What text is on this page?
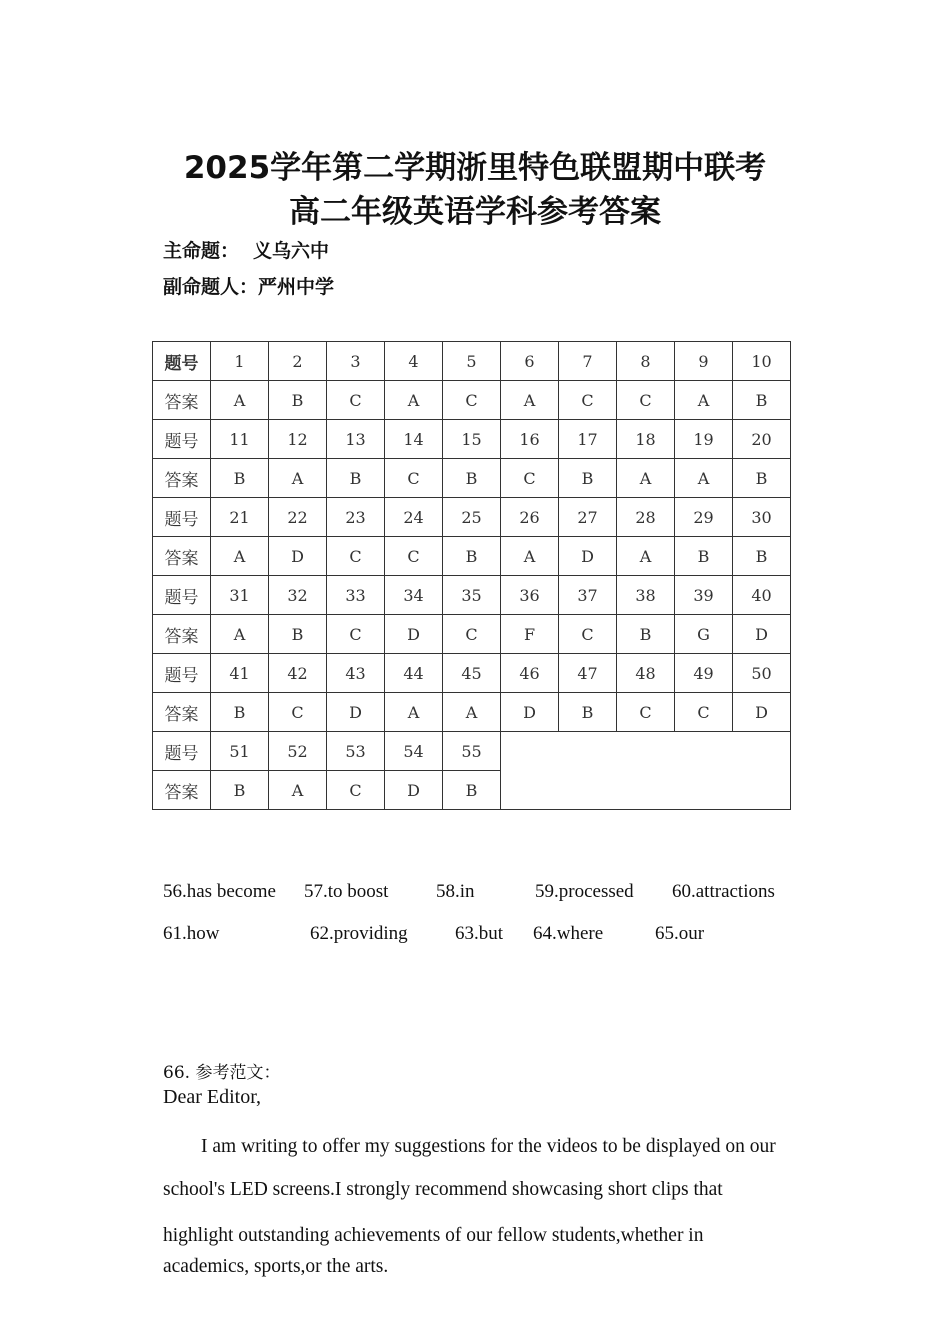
2025学年第二学期浙里特色联盟期中联考
高二年级英语学科参考答案
主命题： 义乌六中
副命题人：严州中学
题号	1	2	3	4	5	6	7	8	9	10
答案	A	B	C	A	C	A	C	C	A	B
题号	11	12	13	14	15	16	17	18	19	20
答案	B	A	B	C	B	C	B	A	A	B
题号	21	22	23	24	25	26	27	28	29	30
答案	A	D	C	C	B	A	D	A	B	B
题号	31	32	33	34	35	36	37	38	39	40
答案	A	B	C	D	C	F	C	B	G	D
题号	41	42	43	44	45	46	47	48	49	50
答案	B	C	D	A	A	D	B	C	C	D
题号	51	52	53	54	55					
答案	B	A	C	D	B					
56.has become 57.to boost	58.in	59.processed 60.attractions
61.how	62.providing 63.but 64.where	65.our
66. 参考范文：
Dear Editor,
I am writing to offer my suggestions for the videos to be displayed on our
school's LED screens.I strongly recommend showcasing short clips that
highlight outstanding achievements of our fellow students,whether in
academics, sports,or the arts.
